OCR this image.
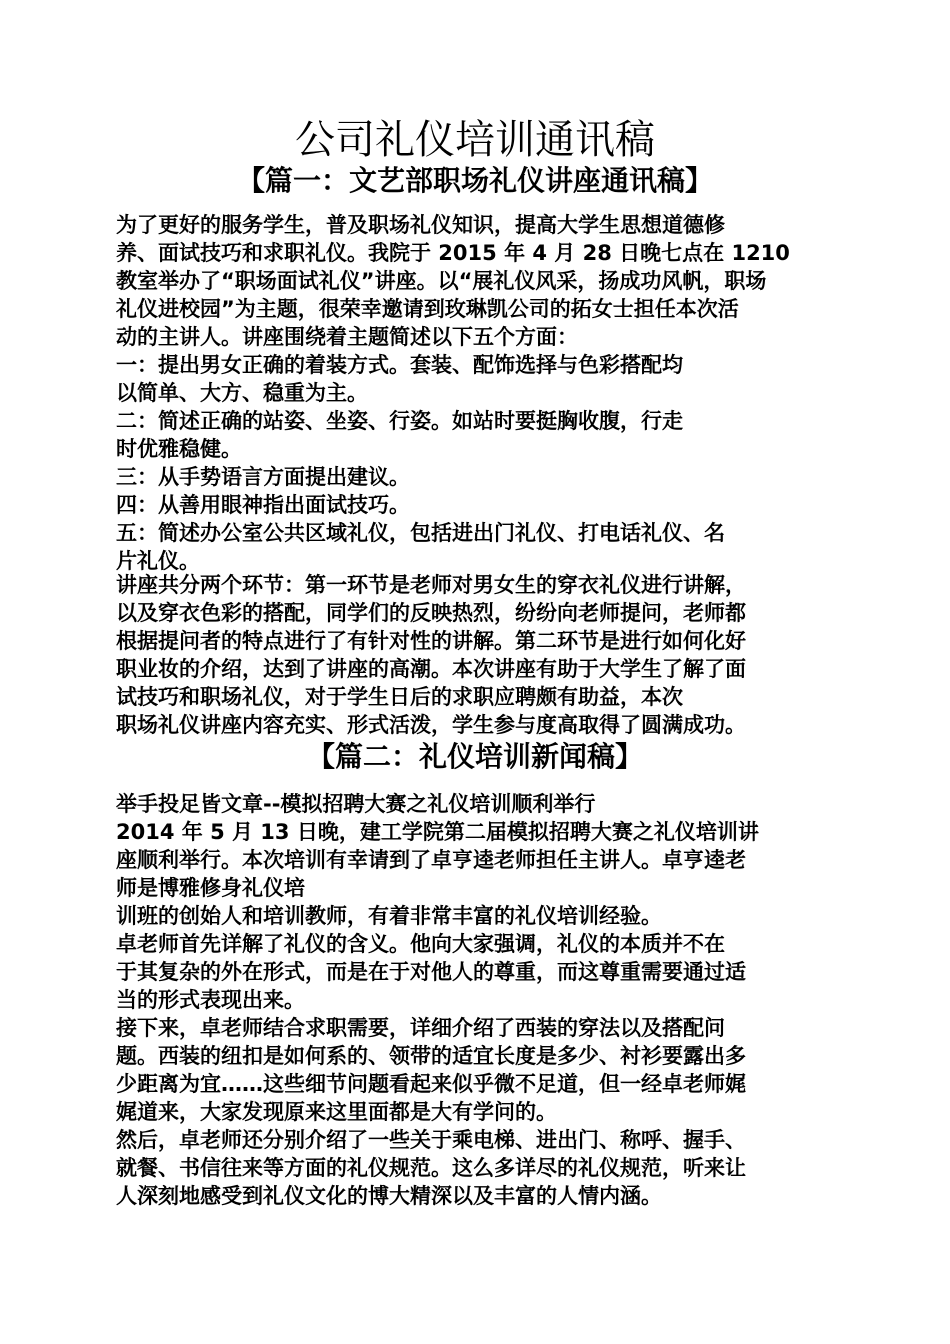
公司礼仪培训通讯稿
【篇一：文艺部职场礼仪讲座通讯稿】

为了更好的服务学生，普及职场礼仪知识，提高大学生思想道德修

养、面试技巧和求职礼仪。我院于 2015 年 4 月 28 日晚七点在 1210

教室举办了“职场面试礼仪”讲座。以“展礼仪风采，扬成功风帆，职场

礼仪进校园”为主题，很荣幸邀请到玫琳凯公司的拓女士担任本次活

动的主讲人。讲座围绕着主题简述以下五个方面：

一：提出男女正确的着装方式。套装、配饰选择与色彩搭配均

以简单、大方、稳重为主。

二：简述正确的站姿、坐姿、行姿。如站时要挺胸收腹，行走

时优雅稳健。

三：从手势语言方面提出建议。

四：从善用眼神指出面试技巧。

五：简述办公室公共区域礼仪，包括进出门礼仪、打电话礼仪、名

片礼仪。

讲座共分两个环节：第一环节是老师对男女生的穿衣礼仪进行讲解，

以及穿衣色彩的搭配，同学们的反映热烈，纷纷向老师提问，老师都

根据提问者的特点进行了有针对性的讲解。第二环节是进行如何化好

职业妆的介绍，达到了讲座的高潮。本次讲座有助于大学生了解了面

试技巧和职场礼仪，对于学生日后的求职应聘颇有助益，本次

职场礼仪讲座内容充实、形式活泼，学生参与度高取得了圆满成功。

【篇二：礼仪培训新闻稿】

举手投足皆文章--模拟招聘大赛之礼仪培训顺利举行

2014 年 5 月 13 日晚，建工学院第二届模拟招聘大赛之礼仪培训讲

座顺利举行。本次培训有幸请到了卓亨逵老师担任主讲人。卓亨逵老

师是博雅修身礼仪培

训班的创始人和培训教师，有着非常丰富的礼仪培训经验。

卓老师首先详解了礼仪的含义。他向大家强调，礼仪的本质并不在

于其复杂的外在形式，而是在于对他人的尊重，而这尊重需要通过适

当的形式表现出来。

接下来，卓老师结合求职需要，详细介绍了西装的穿法以及搭配问

题。西装的纽扣是如何系的、领带的适宜长度是多少、衬衫要露出多

少距离为宜……这些细节问题看起来似乎微不足道，但一经卓老师娓

娓道来，大家发现原来这里面都是大有学问的。

然后，卓老师还分别介绍了一些关于乘电梯、进出门、称呼、握手、

就餐、书信往来等方面的礼仪规范。这么多详尽的礼仪规范，听来让

人深刻地感受到礼仪文化的博大精深以及丰富的人情内涵。
